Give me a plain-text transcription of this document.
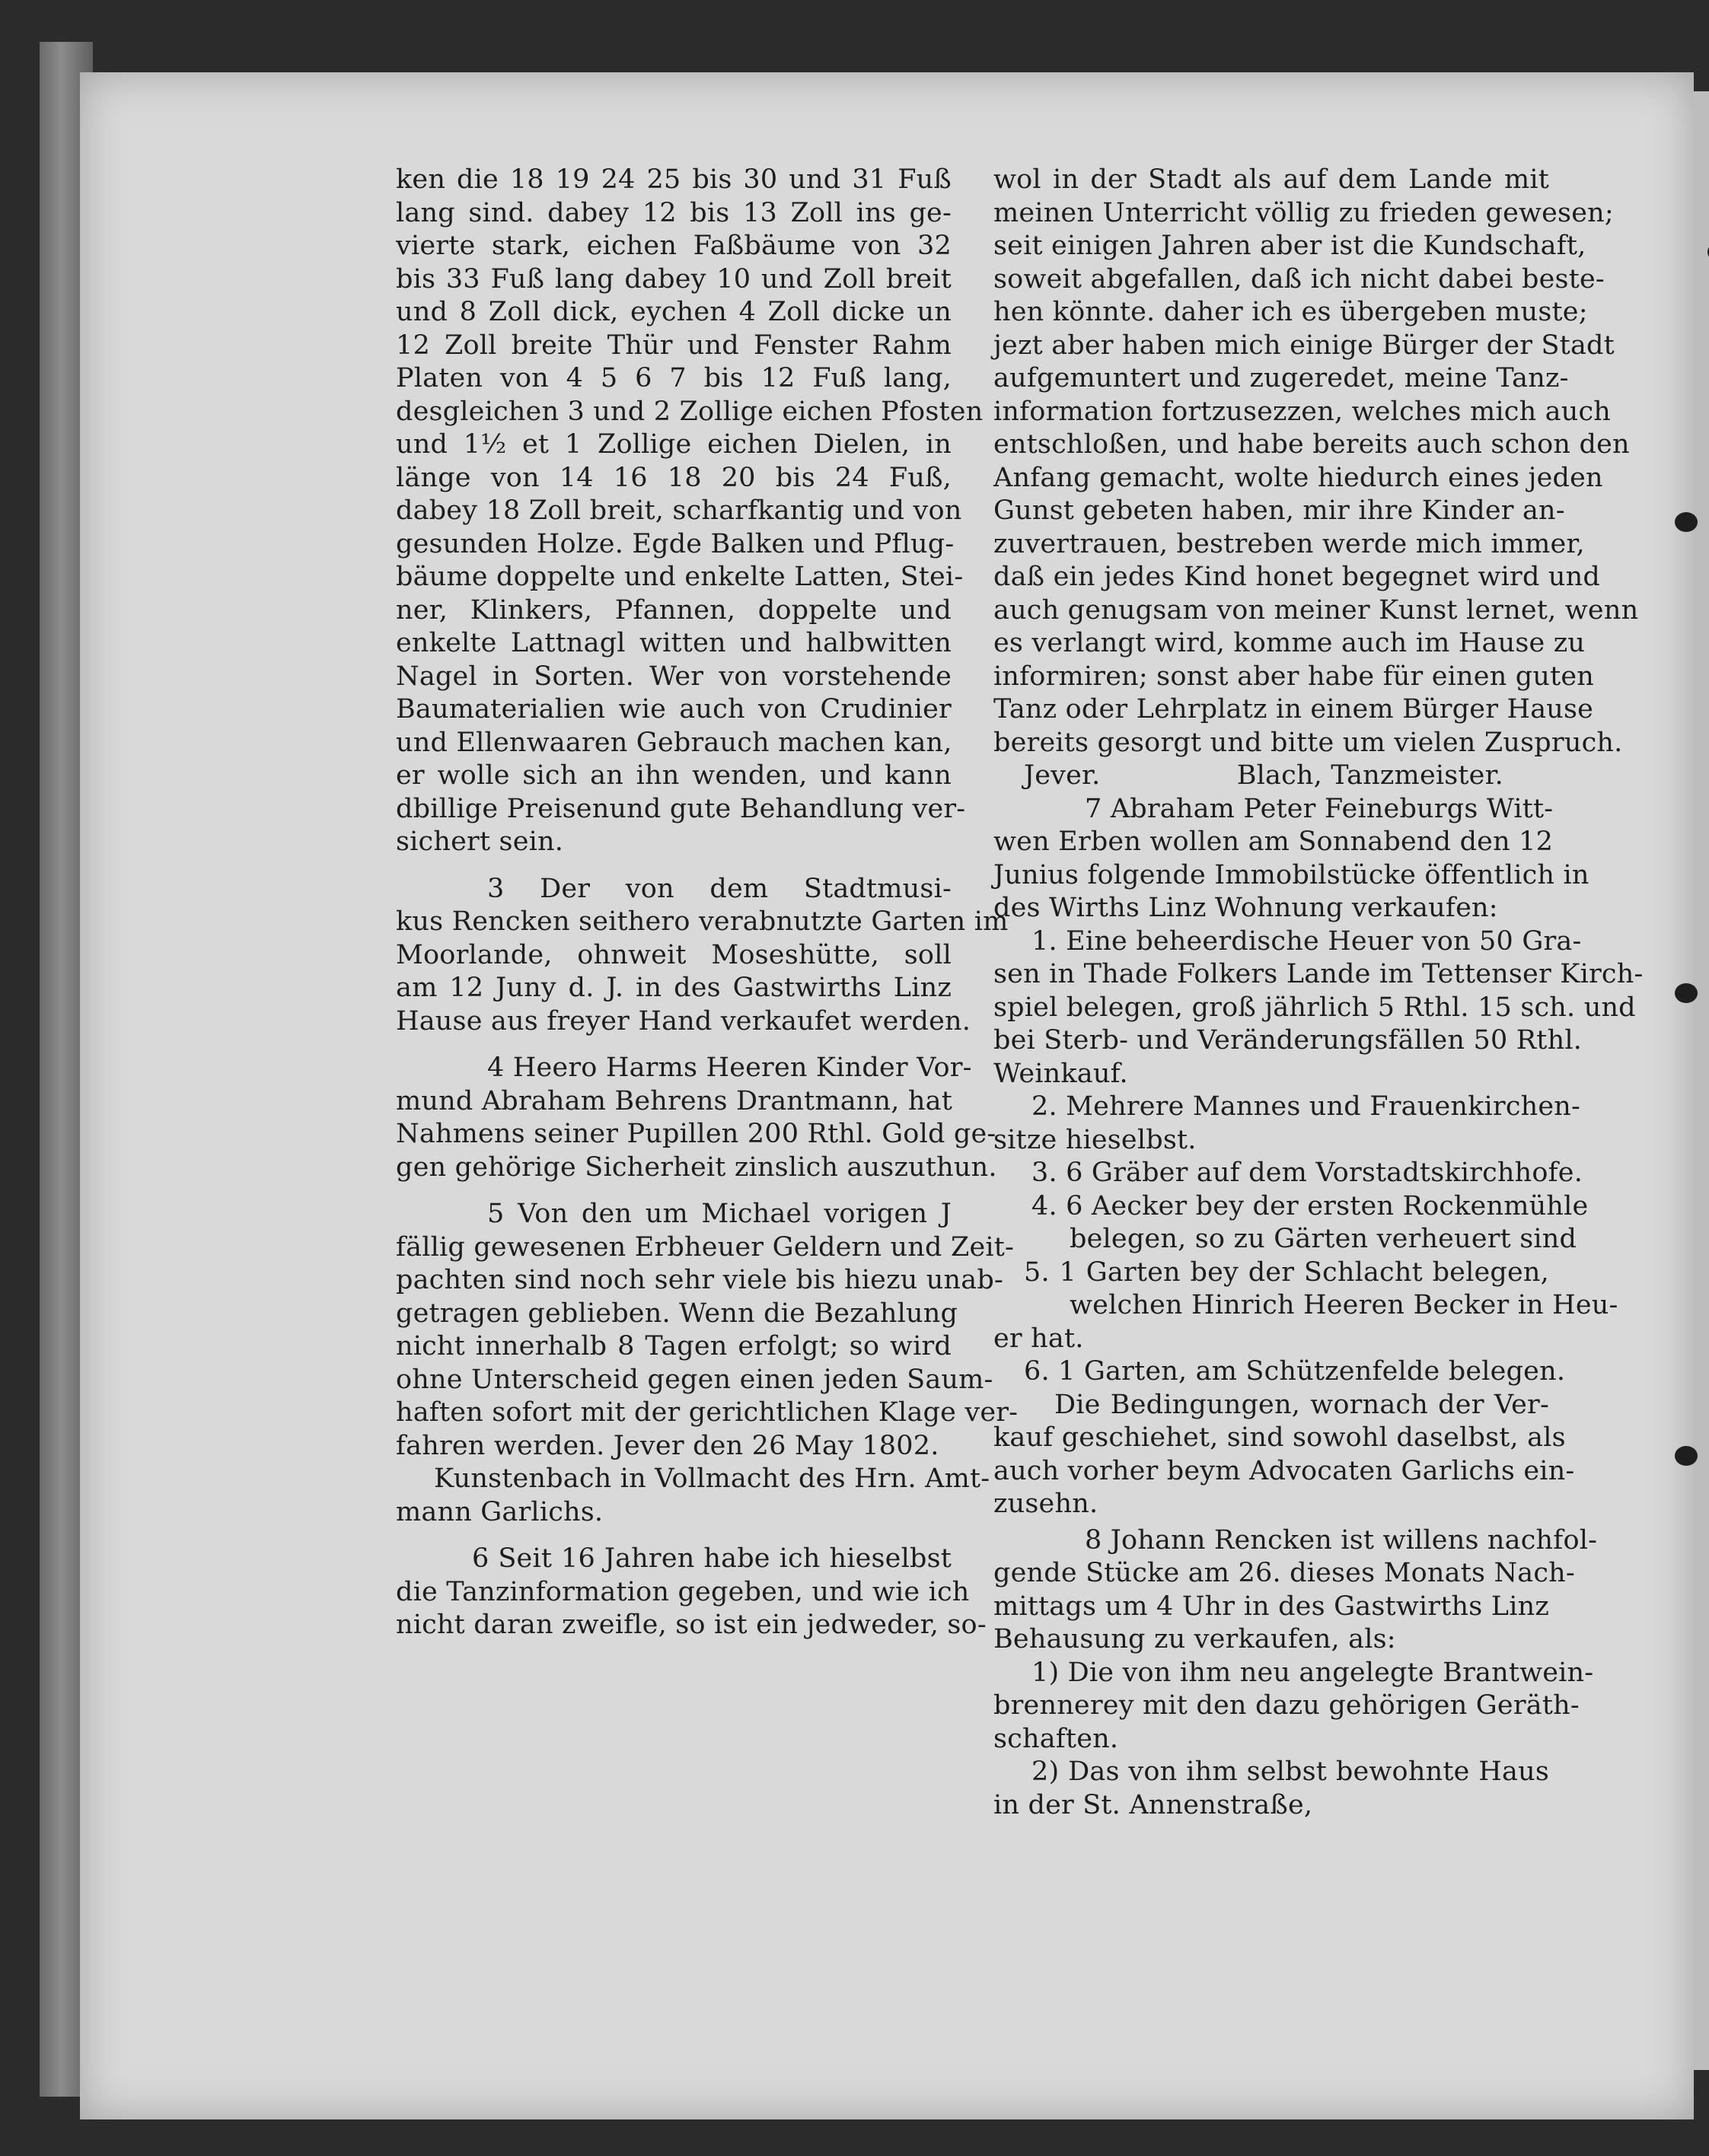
ken die 18 19 24 25 bis 30 und 31 Fuß
lang sind. dabey 12 bis 13 Zoll ins ge-
vierte stark, eichen Faßbäume von 32
bis 33 Fuß lang dabey 10 und Zoll breit
und 8 Zoll dick, eychen 4 Zoll dicke un
12 Zoll breite Thür und Fenster Rahm
Platen von 4 5 6 7 bis 12 Fuß lang,
desgleichen 3 und 2 Zollige eichen Pfosten
und 1½ et 1 Zollige eichen Dielen, in
länge von 14 16 18 20 bis 24 Fuß,
dabey 18 Zoll breit, scharfkantig und von
gesunden Holze. Egde Balken und Pflug-
bäume doppelte und enkelte Latten, Stei-
ner, Klinkers, Pfannen, doppelte und
enkelte Lattnagl witten und halbwitten
Nagel in Sorten. Wer von vorstehende
Baumaterialien wie auch von Crudinier
und Ellenwaaren Gebrauch machen kan,
er wolle sich an ihn wenden, und kann
dbillige Preisenund gute Behandlung ver-
sichert sein.
3 Der von dem Stadtmusi-
kus Rencken seithero verabnutzte Garten im
Moorlande, ohnweit Moseshütte, soll
am 12 Juny d. J. in des Gastwirths Linz
Hause aus freyer Hand verkaufet werden.
4 Heero Harms Heeren Kinder Vor-
mund Abraham Behrens Drantmann, hat
Nahmens seiner Pupillen 200 Rthl. Gold ge-
gen gehörige Sicherheit zinslich auszuthun.
5 Von den um Michael vorigen J
fällig gewesenen Erbheuer Geldern und Zeit-
pachten sind noch sehr viele bis hiezu unab-
getragen geblieben. Wenn die Bezahlung
nicht innerhalb 8 Tagen erfolgt; so wird
ohne Unterscheid gegen einen jeden Saum-
haften sofort mit der gerichtlichen Klage ver-
fahren werden. Jever den 26 May 1802.
Kunstenbach in Vollmacht des Hrn. Amt-
mann Garlichs.
6 Seit 16 Jahren habe ich hieselbst
die Tanzinformation gegeben, und wie ich
nicht daran zweifle, so ist ein jedweder, so-
wol in der Stadt als auf dem Lande mit
meinen Unterricht völlig zu frieden gewesen;
seit einigen Jahren aber ist die Kundschaft,
soweit abgefallen, daß ich nicht dabei beste-
hen könnte. daher ich es übergeben muste;
jezt aber haben mich einige Bürger der Stadt
aufgemuntert und zugeredet, meine Tanz-
information fortzusezzen, welches mich auch
entschloßen, und habe bereits auch schon den
Anfang gemacht, wolte hiedurch eines jeden
Gunst gebeten haben, mir ihre Kinder an-
zuvertrauen, bestreben werde mich immer,
daß ein jedes Kind honet begegnet wird und
auch genugsam von meiner Kunst lernet, wenn
es verlangt wird, komme auch im Hause zu
informiren; sonst aber habe für einen guten
Tanz oder Lehrplatz in einem Bürger Hause
bereits gesorgt und bitte um vielen Zuspruch.
Jever.	Blach, Tanzmeister.
7 Abraham Peter Feineburgs Witt-
wen Erben wollen am Sonnabend den 12
Junius folgende Immobilstücke öffentlich in
des Wirths Linz Wohnung verkaufen:
1. Eine beheerdische Heuer von 50 Gra-
sen in Thade Folkers Lande im Tettenser Kirch-
spiel belegen, groß jährlich 5 Rthl. 15 sch. und
bei Sterb- und Veränderungsfällen 50 Rthl.
Weinkauf.
2. Mehrere Mannes und Frauenkirchen-
sitze hieselbst.
3. 6 Gräber auf dem Vorstadtskirchhofe.
4. 6 Aecker bey der ersten Rockenmühle
belegen, so zu Gärten verheuert sind
5. 1 Garten bey der Schlacht belegen,
welchen Hinrich Heeren Becker in Heu-
er hat.
6. 1 Garten, am Schützenfelde belegen.
Die Bedingungen, wornach der Ver-
kauf geschiehet, sind sowohl daselbst, als
auch vorher beym Advocaten Garlichs ein-
zusehn.
8 Johann Rencken ist willens nachfol-
gende Stücke am 26. dieses Monats Nach-
mittags um 4 Uhr in des Gastwirths Linz
Behausung zu verkaufen, als:
1) Die von ihm neu angelegte Brantwein-
brennerey mit den dazu gehörigen Geräth-
schaften.
2) Das von ihm selbst bewohnte Haus
in der St. Annenstraße,
